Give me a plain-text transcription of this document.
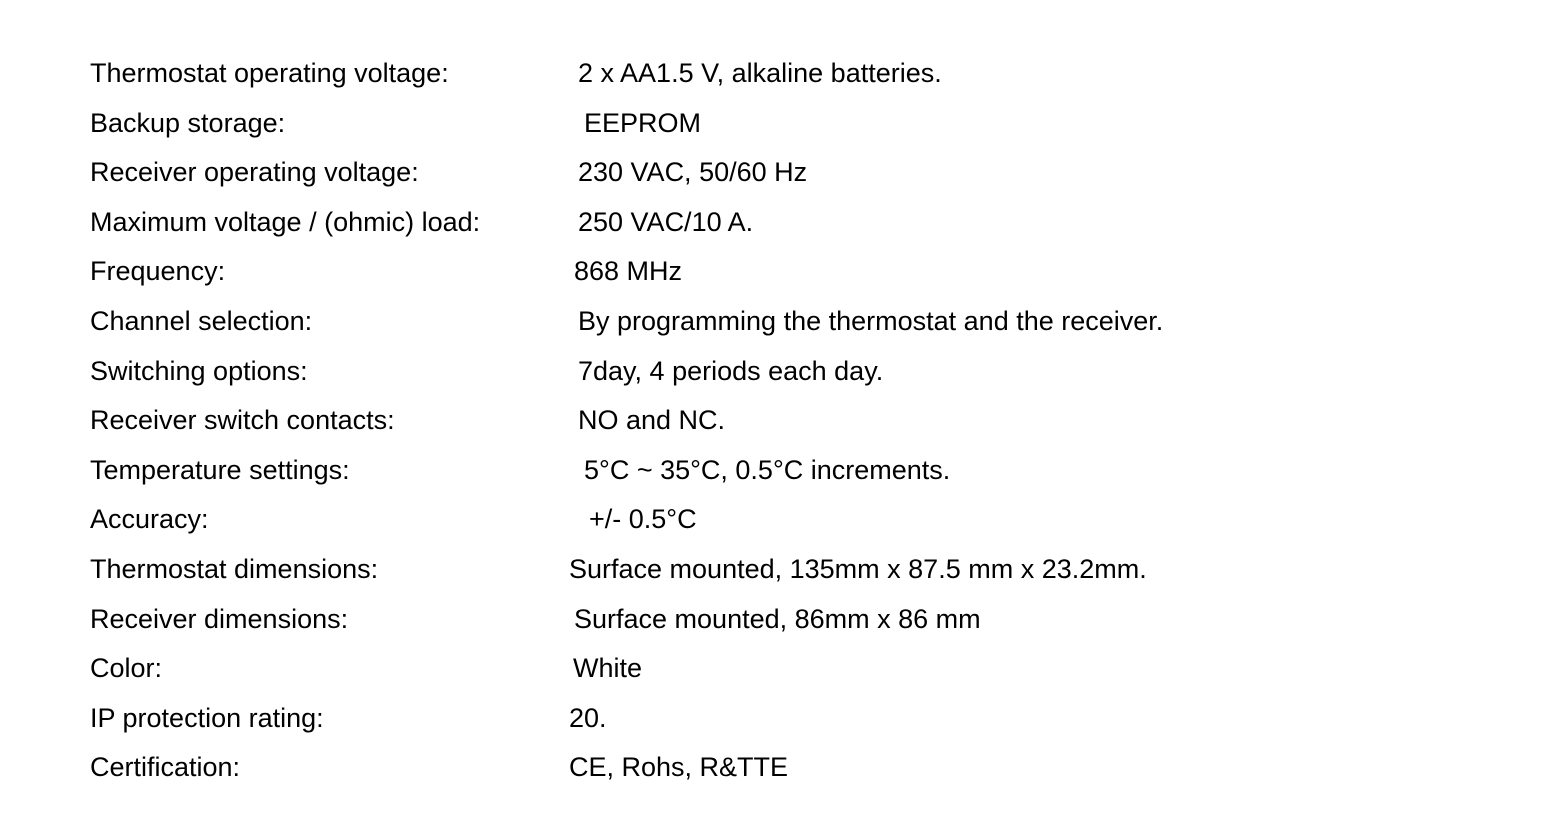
Thermostat operating voltage:	2 x AA1.5 V, alkaline batteries.
Backup storage:	EEPROM
Receiver operating voltage:	230 VAC, 50/60 Hz
Maximum voltage / (ohmic) load:	250 VAC/10 A.
Frequency:	868 MHz
Channel selection:	By programming the thermostat and the receiver.
Switching options:	7day, 4 periods each day.
Receiver switch contacts:	NO and NC.
Temperature settings:	5°C ~ 35°C, 0.5°C increments.
Accuracy:	+/- 0.5°C
Thermostat dimensions:	Surface mounted, 135mm x 87.5 mm x 23.2mm.
Receiver dimensions:	Surface mounted, 86mm x 86 mm
Color:	White
IP protection rating:	20.
Certification:	CE, Rohs, R&TTE
